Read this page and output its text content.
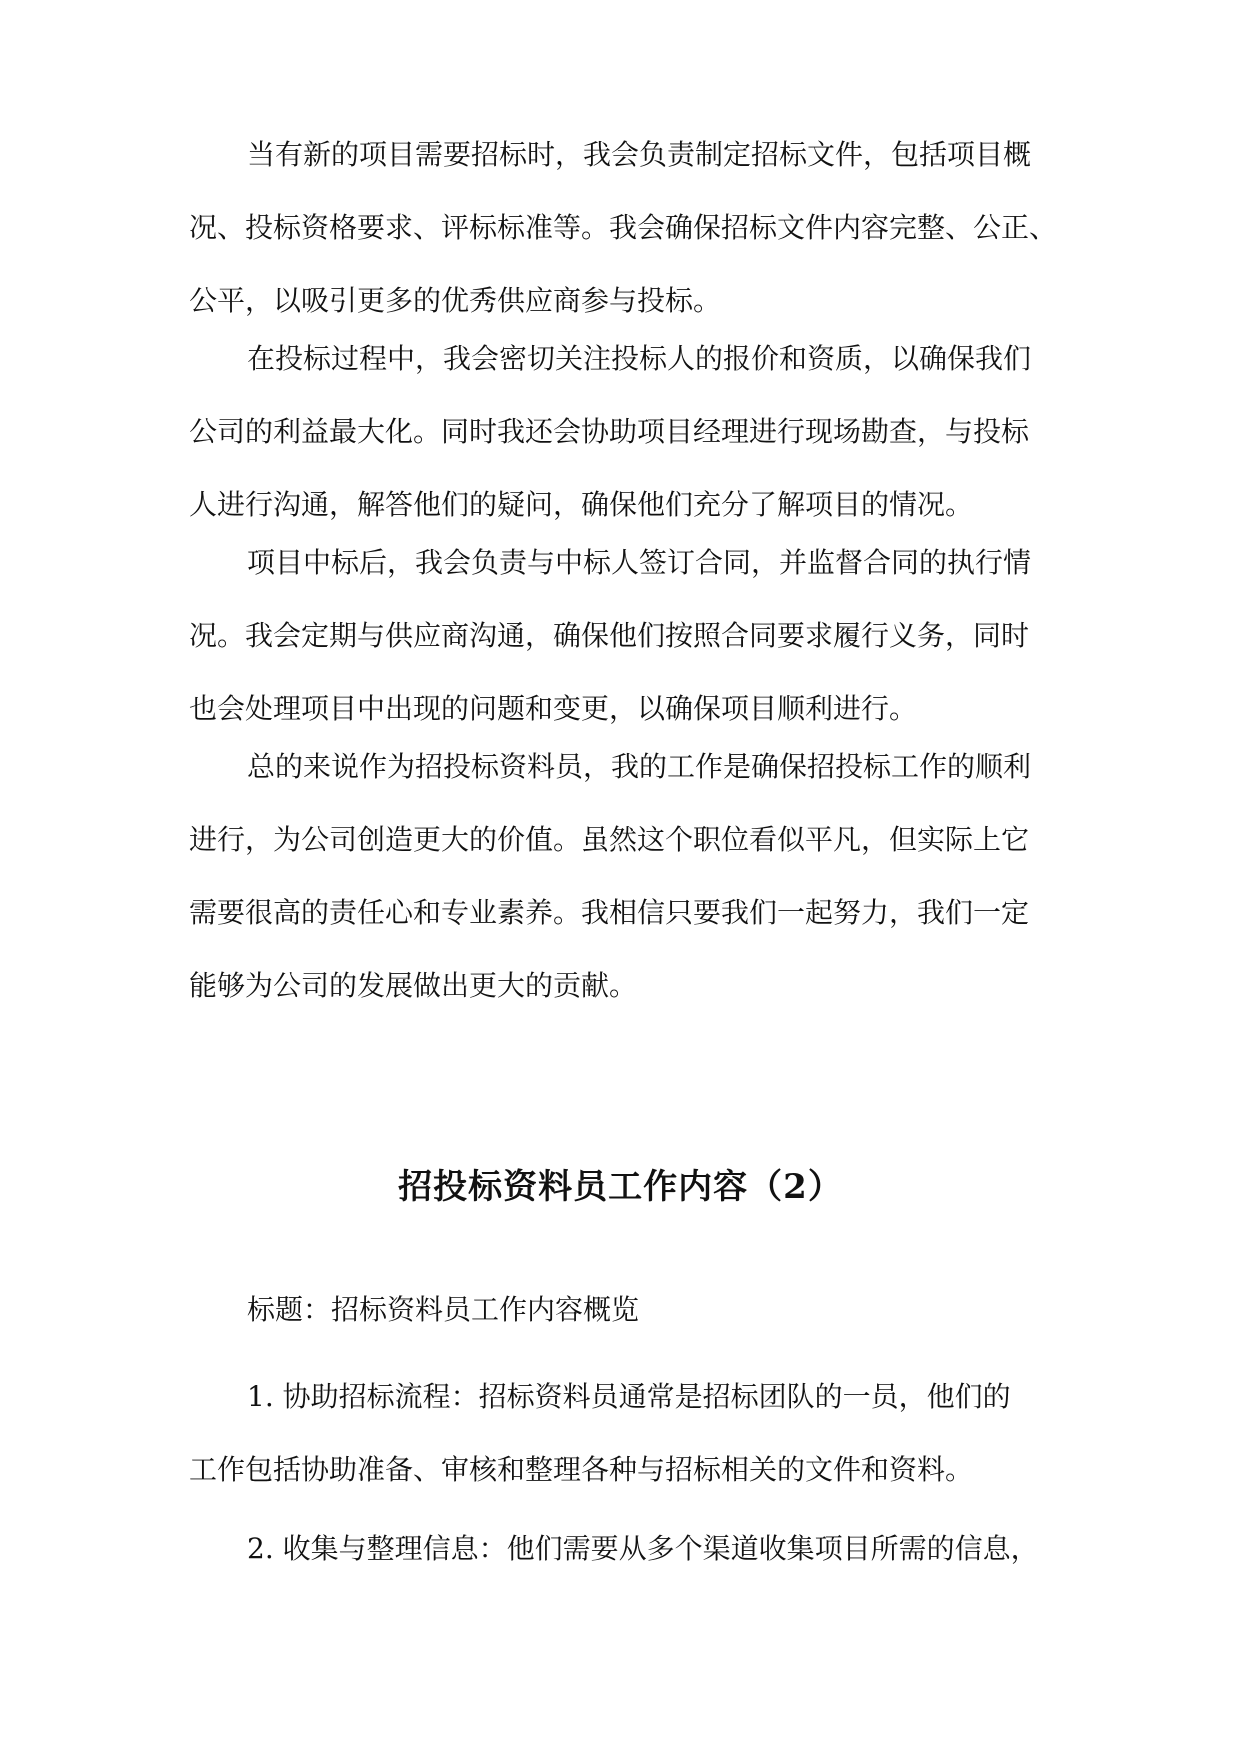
当有新的项目需要招标时，我会负责制定招标文件，包括项目概
况、投标资格要求、评标标准等。我会确保招标文件内容完整、公正、
公平，以吸引更多的优秀供应商参与投标。
在投标过程中，我会密切关注投标人的报价和资质，以确保我们
公司的利益最大化。同时我还会协助项目经理进行现场勘查，与投标
人进行沟通，解答他们的疑问，确保他们充分了解项目的情况。
项目中标后，我会负责与中标人签订合同，并监督合同的执行情
况。我会定期与供应商沟通，确保他们按照合同要求履行义务，同时
也会处理项目中出现的问题和变更，以确保项目顺利进行。
总的来说作为招投标资料员，我的工作是确保招投标工作的顺利
进行，为公司创造更大的价值。虽然这个职位看似平凡，但实际上它
需要很高的责任心和专业素养。我相信只要我们一起努力，我们一定
能够为公司的发展做出更大的贡献。
招投标资料员工作内容（2）
标题：招标资料员工作内容概览
1. 协助招标流程：招标资料员通常是招标团队的一员，他们的
工作包括协助准备、审核和整理各种与招标相关的文件和资料。
2. 收集与整理信息：他们需要从多个渠道收集项目所需的信息，
